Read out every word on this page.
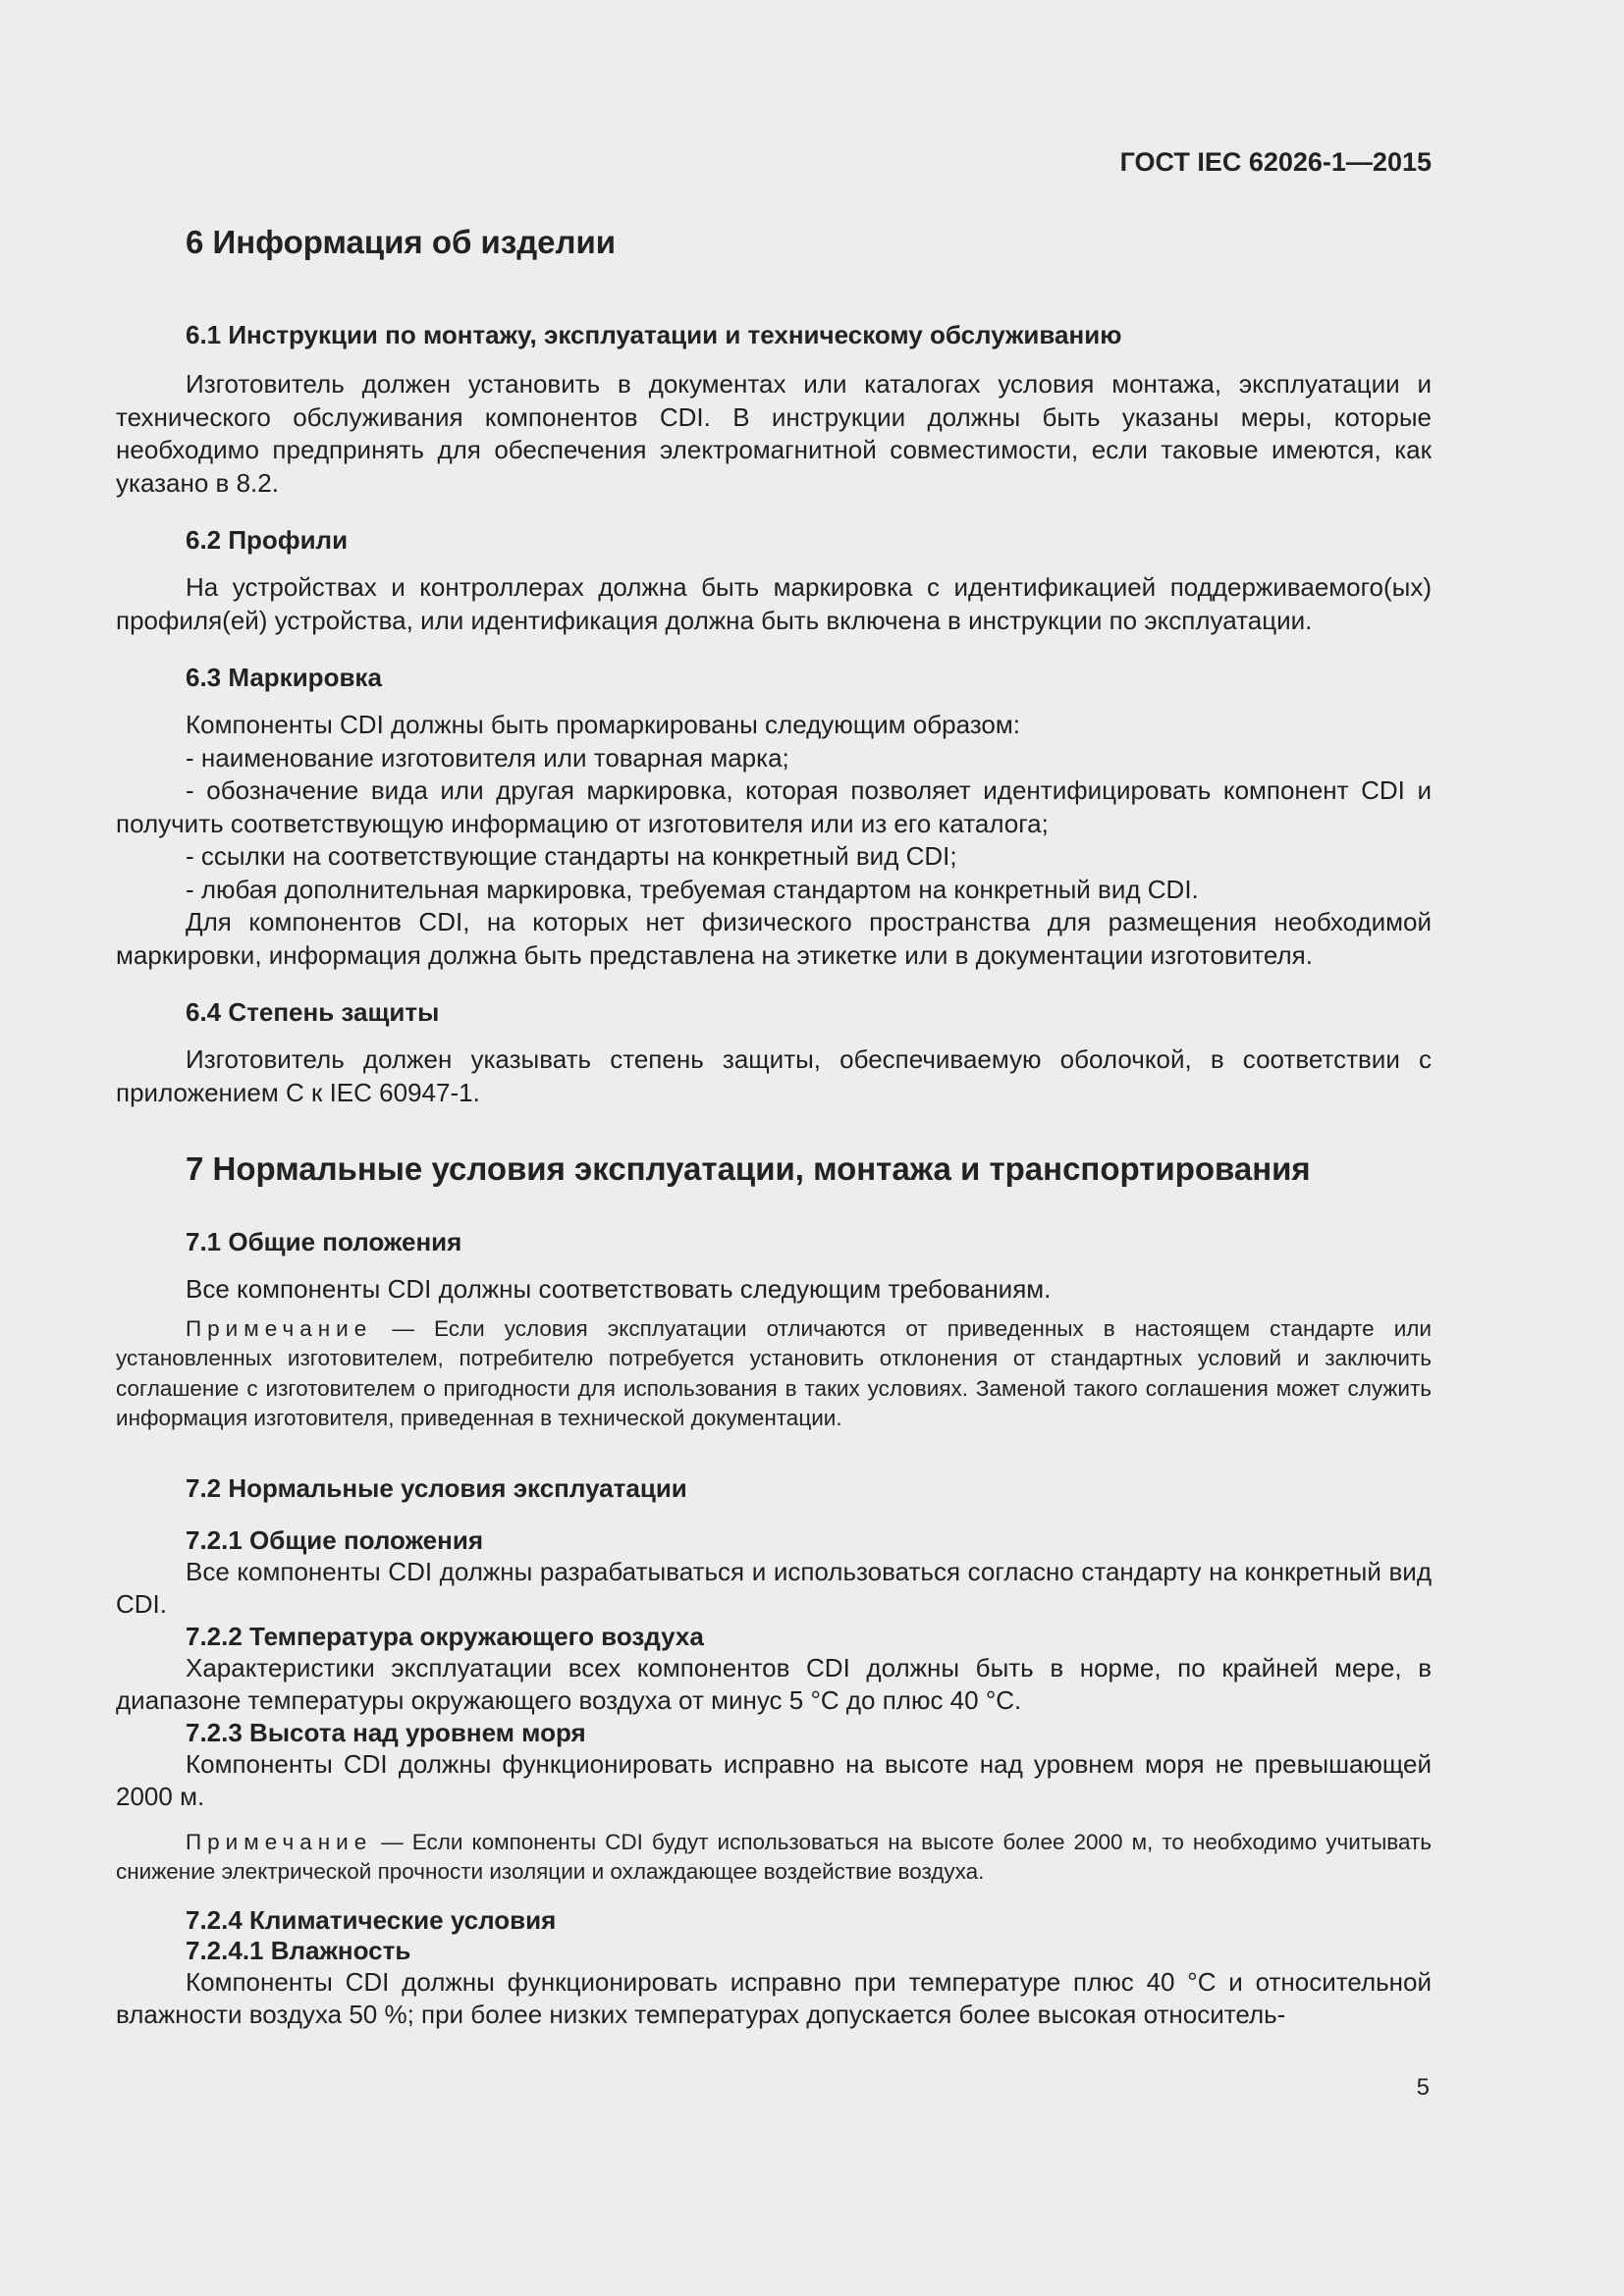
ГОСТ IEC 62026-1—2015
6 Информация об изделии
6.1 Инструкции по монтажу, эксплуатации и техническому обслуживанию

Изготовитель должен установить в документах или каталогах условия монтажа, эксплуатации и технического обслуживания компонентов CDI. В инструкции должны быть указаны меры, которые необходимо предпринять для обеспечения электромагнитной совместимости, если таковые имеются, как указано в 8.2.

6.2 Профили

На устройствах и контроллерах должна быть маркировка с идентификацией поддерживаемого(ых) профиля(ей) устройства, или идентификация должна быть включена в инструкции по эксплуатации.

6.3 Маркировка

Компоненты CDI должны быть промаркированы следующим образом:

- наименование изготовителя или товарная марка;

- обозначение вида или другая маркировка, которая позволяет идентифицировать компонент CDI и получить соответствующую информацию от изготовителя или из его каталога;

- ссылки на соответствующие стандарты на конкретный вид CDI;

- любая дополнительная маркировка, требуемая стандартом на конкретный вид CDI.

Для компонентов CDI, на которых нет физического пространства для размещения необходимой маркировки, информация должна быть представлена на этикетке или в документации изготовителя.

6.4 Степень защиты

Изготовитель должен указывать степень защиты, обеспечиваемую оболочкой, в соответствии с приложением C к IEC 60947-1.

7 Нормальные условия эксплуатации, монтажа и транспортирования
7.1 Общие положения

Все компоненты CDI должны соответствовать следующим требованиям.

Примечание — Если условия эксплуатации отличаются от приведенных в настоящем стандарте или установленных изготовителем, потребителю потребуется установить отклонения от стандартных условий и заключить соглашение с изготовителем о пригодности для использования в таких условиях. Заменой такого соглашения может служить информация изготовителя, приведенная в технической документации.

7.2 Нормальные условия эксплуатации
7.2.1 Общие положения

Все компоненты CDI должны разрабатываться и использоваться согласно стандарту на конкретный вид CDI.

7.2.2 Температура окружающего воздуха

Характеристики эксплуатации всех компонентов CDI должны быть в норме, по крайней мере, в диапазоне температуры окружающего воздуха от минус 5 °C до плюс 40 °C.

7.2.3 Высота над уровнем моря

Компоненты CDI должны функционировать исправно на высоте над уровнем моря не превышающей 2000 м.

Примечание — Если компоненты CDI будут использоваться на высоте более 2000 м, то необходимо учитывать снижение электрической прочности изоляции и охлаждающее воздействие воздуха.

7.2.4 Климатические условия
7.2.4.1 Влажность

Компоненты CDI должны функционировать исправно при температуре плюс 40 °C и относительной влажности воздуха 50 %; при более низких температурах допускается более высокая относитель-

5
